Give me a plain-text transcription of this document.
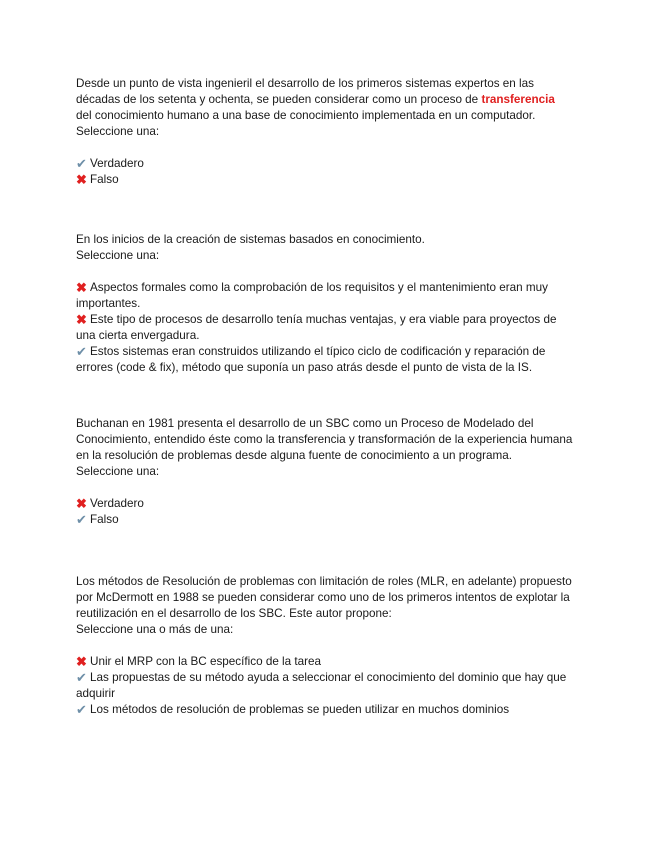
Desde un punto de vista ingenieril el desarrollo de los primeros sistemas expertos en las
décadas de los setenta y ochenta, se pueden considerar como un proceso de transferencia
del conocimiento humano a una base de conocimiento implementada en un computador.
Seleccione una:
✔ Verdadero
✖ Falso
En los inicios de la creación de sistemas basados en conocimiento.
Seleccione una:
✖ Aspectos formales como la comprobación de los requisitos y el mantenimiento eran muy
importantes.
✖ Este tipo de procesos de desarrollo tenía muchas ventajas, y era viable para proyectos de
una cierta envergadura.
✔ Estos sistemas eran construidos utilizando el típico ciclo de codificación y reparación de
errores (code & fix), método que suponía un paso atrás desde el punto de vista de la IS.
Buchanan en 1981 presenta el desarrollo de un SBC como un Proceso de Modelado del
Conocimiento, entendido éste como la transferencia y transformación de la experiencia humana
en la resolución de problemas desde alguna fuente de conocimiento a un programa.
Seleccione una:
✖ Verdadero
✔ Falso
Los métodos de Resolución de problemas con limitación de roles (MLR, en adelante) propuesto
por McDermott en 1988 se pueden considerar como uno de los primeros intentos de explotar la
reutilización en el desarrollo de los SBC. Este autor propone:
Seleccione una o más de una:
✖ Unir el MRP con la BC específico de la tarea
✔ Las propuestas de su método ayuda a seleccionar el conocimiento del dominio que hay que
adquirir
✔ Los métodos de resolución de problemas se pueden utilizar en muchos dominios
